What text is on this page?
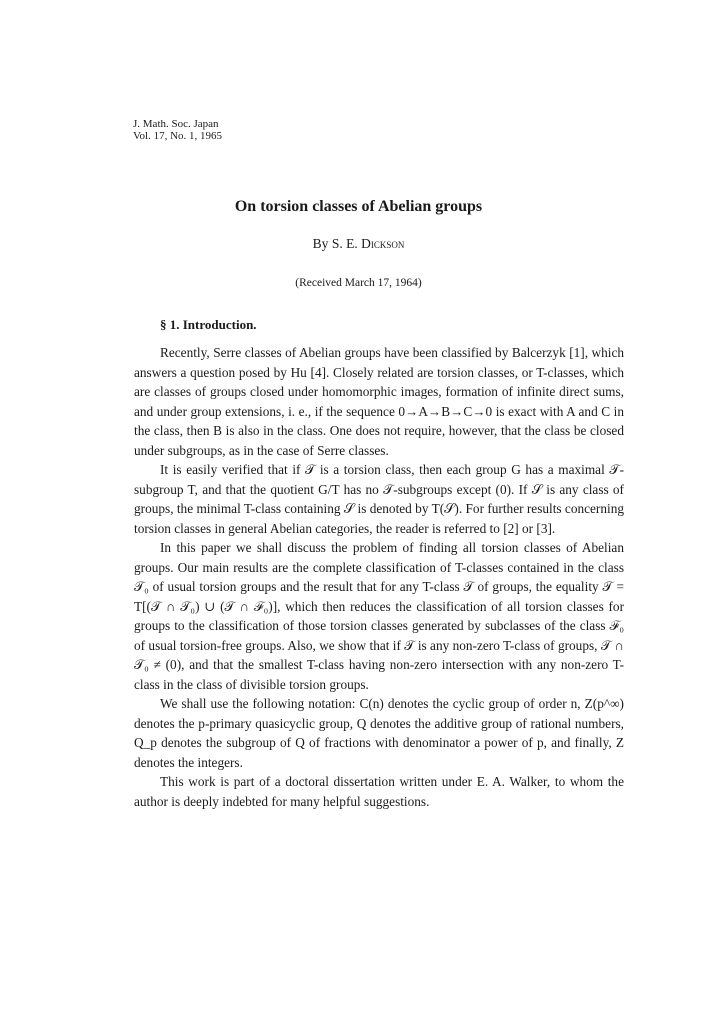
J. Math. Soc. Japan
Vol. 17, No. 1, 1965
On torsion classes of Abelian groups
By S. E. Dickson
(Received March 17, 1964)
§ 1. Introduction.

Recently, Serre classes of Abelian groups have been classified by Balcerzyk [1], which answers a question posed by Hu [4]. Closely related are torsion classes, or T-classes, which are classes of groups closed under homomorphic images, formation of infinite direct sums, and under group extensions, i. e., if the sequence 0→A→B→C→0 is exact with A and C in the class, then B is also in the class. One does not require, however, that the class be closed under subgroups, as in the case of Serre classes.

It is easily verified that if 𝒯 is a torsion class, then each group G has a maximal 𝒯-subgroup T, and that the quotient G/T has no 𝒯-subgroups except (0). If 𝒮 is any class of groups, the minimal T-class containing 𝒮 is denoted by T(𝒮). For further results concerning torsion classes in general Abelian categories, the reader is referred to [2] or [3].

In this paper we shall discuss the problem of finding all torsion classes of Abelian groups. Our main results are the complete classification of T-classes contained in the class 𝒯₀ of usual torsion groups and the result that for any T-class 𝒯 of groups, the equality 𝒯 = T[(𝒯 ∩ 𝒯₀) ∪ (𝒯 ∩ ℱ₀)], which then reduces the classification of all torsion classes for groups to the classification of those torsion classes generated by subclasses of the class ℱ₀ of usual torsion-free groups. Also, we show that if 𝒯 is any non-zero T-class of groups, 𝒯 ∩ 𝒯₀ ≠ (0), and that the smallest T-class having non-zero intersection with any non-zero T-class in the class of divisible torsion groups.

We shall use the following notation: C(n) denotes the cyclic group of order n, Z(p^∞) denotes the p-primary quasicyclic group, Q denotes the additive group of rational numbers, Q_p denotes the subgroup of Q of fractions with denominator a power of p, and finally, Z denotes the integers.

This work is part of a doctoral dissertation written under E. A. Walker, to whom the author is deeply indebted for many helpful suggestions.
